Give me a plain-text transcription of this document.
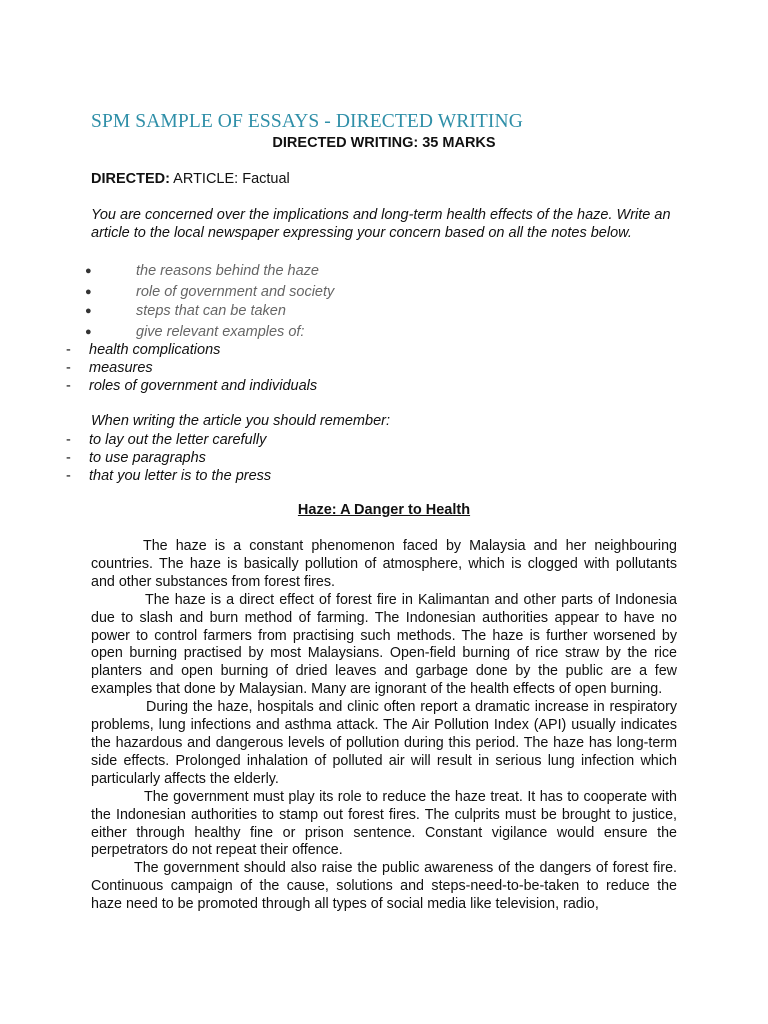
SPM SAMPLE OF ESSAYS - DIRECTED WRITING
DIRECTED WRITING: 35 MARKS
DIRECTED: ARTICLE: Factual
You are concerned over the implications and long-term health effects of the haze. Write an article to the local newspaper expressing your concern based on all the notes below.
●	the reasons behind the haze
●	role of government and society
●	steps that can be taken
●	give relevant examples of:
- health complications
- measures
- roles of government and individuals
When writing the article you should remember:
- to lay out the letter carefully
- to use paragraphs
- that you letter is to the press
Haze: A Danger to Health

The haze is a constant phenomenon faced by Malaysia and her neighbouring countries. The haze is basically pollution of atmosphere, which is clogged with pollutants and other substances from forest fires.

The haze is a direct effect of forest fire in Kalimantan and other parts of Indonesia due to slash and burn method of farming. The Indonesian authorities appear to have no power to control farmers from practising such methods. The haze is further worsened by open burning practised by most Malaysians. Open-field burning of rice straw by the rice planters and open burning of dried leaves and garbage done by the public are a few examples that done by Malaysian. Many are ignorant of the health effects of open burning.

During the haze, hospitals and clinic often report a dramatic increase in respiratory problems, lung infections and asthma attack. The Air Pollution Index (API) usually indicates the hazardous and dangerous levels of pollution during this period. The haze has long-term side effects. Prolonged inhalation of polluted air will result in serious lung infection which particularly affects the elderly.

The government must play its role to reduce the haze treat. It has to cooperate with the Indonesian authorities to stamp out forest fires. The culprits must be brought to justice, either through healthy fine or prison sentence. Constant vigilance would ensure the perpetrators do not repeat their offence.

The government should also raise the public awareness of the dangers of forest fire. Continuous campaign of the cause, solutions and steps-need-to-be-taken to reduce the haze need to be promoted through all types of social media like television, radio,
